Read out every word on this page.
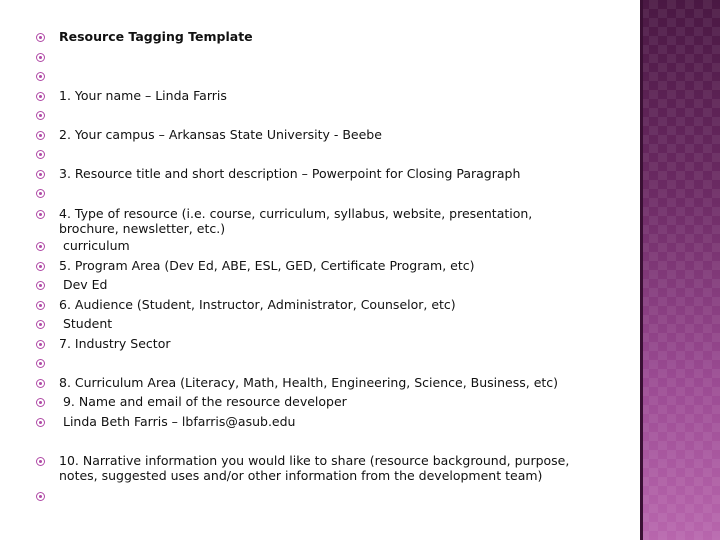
Resource Tagging Template
1. Your name – Linda Farris
2. Your campus – Arkansas State University - Beebe
3. Resource title and short description – Powerpoint for Closing Paragraph
4. Type of resource (i.e. course, curriculum, syllabus, website, presentation, brochure, newsletter, etc.)
curriculum
5. Program Area (Dev Ed, ABE, ESL, GED, Certificate Program, etc)
Dev Ed
6. Audience (Student, Instructor, Administrator, Counselor, etc)
Student
7. Industry Sector
8. Curriculum Area (Literacy, Math, Health, Engineering, Science, Business, etc)
9. Name and email of the resource developer
Linda Beth Farris – lbfarris@asub.edu
10. Narrative information you would like to share (resource background, purpose, notes, suggested uses and/or other information from the development team)
